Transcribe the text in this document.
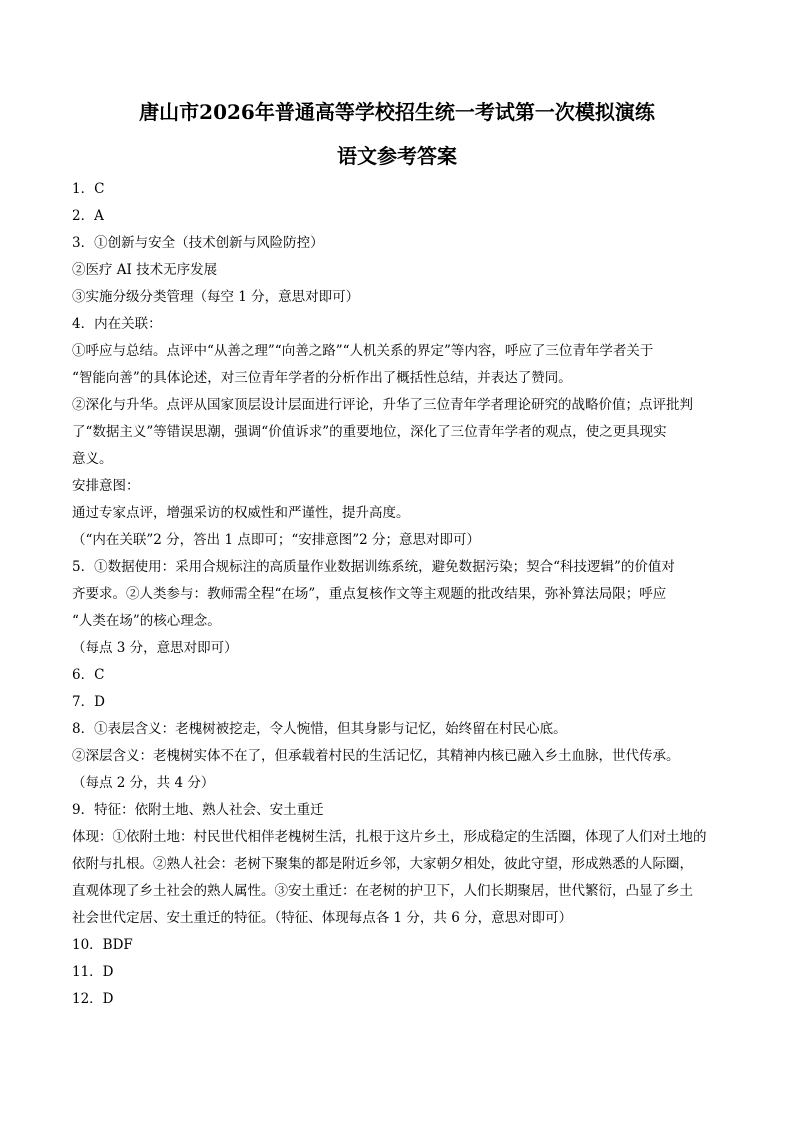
唐山市2026年普通高等学校招生统一考试第一次模拟演练
语文参考答案
1．C
2．A
3．①创新与安全（技术创新与风险防控）
②医疗 AI 技术无序发展
③实施分级分类管理（每空 1 分，意思对即可）
4．内在关联：
①呼应与总结。点评中“从善之理”“向善之路”“人机关系的界定”等内容，呼应了三位青年学者关于
“智能向善”的具体论述，对三位青年学者的分析作出了概括性总结，并表达了赞同。
②深化与升华。点评从国家顶层设计层面进行评论，升华了三位青年学者理论研究的战略价值；点评批判
了“数据主义”等错误思潮，强调“价值诉求”的重要地位，深化了三位青年学者的观点，使之更具现实
意义。
安排意图：
通过专家点评，增强采访的权威性和严谨性，提升高度。
（“内在关联”2 分，答出 1 点即可；“安排意图”2 分；意思对即可）
5．①数据使用：采用合规标注的高质量作业数据训练系统，避免数据污染；契合“科技逻辑”的价值对
齐要求。②人类参与：教师需全程“在场”，重点复核作文等主观题的批改结果，弥补算法局限；呼应
“人类在场”的核心理念。
（每点 3 分，意思对即可）
6．C
7．D
8．①表层含义：老槐树被挖走，令人惋惜，但其身影与记忆，始终留在村民心底。
②深层含义：老槐树实体不在了，但承载着村民的生活记忆，其精神内核已融入乡土血脉，世代传承。
（每点 2 分，共 4 分）
9．特征：依附土地、熟人社会、安土重迁
体现：①依附土地：村民世代相伴老槐树生活，扎根于这片乡土，形成稳定的生活圈，体现了人们对土地的
依附与扎根。②熟人社会：老树下聚集的都是附近乡邻，大家朝夕相处，彼此守望，形成熟悉的人际圈，
直观体现了乡土社会的熟人属性。③安土重迁：在老树的护卫下，人们长期聚居，世代繁衍，凸显了乡土
社会世代定居、安土重迁的特征。（特征、体现每点各 1 分，共 6 分，意思对即可）
10．BDF
11．D
12．D
